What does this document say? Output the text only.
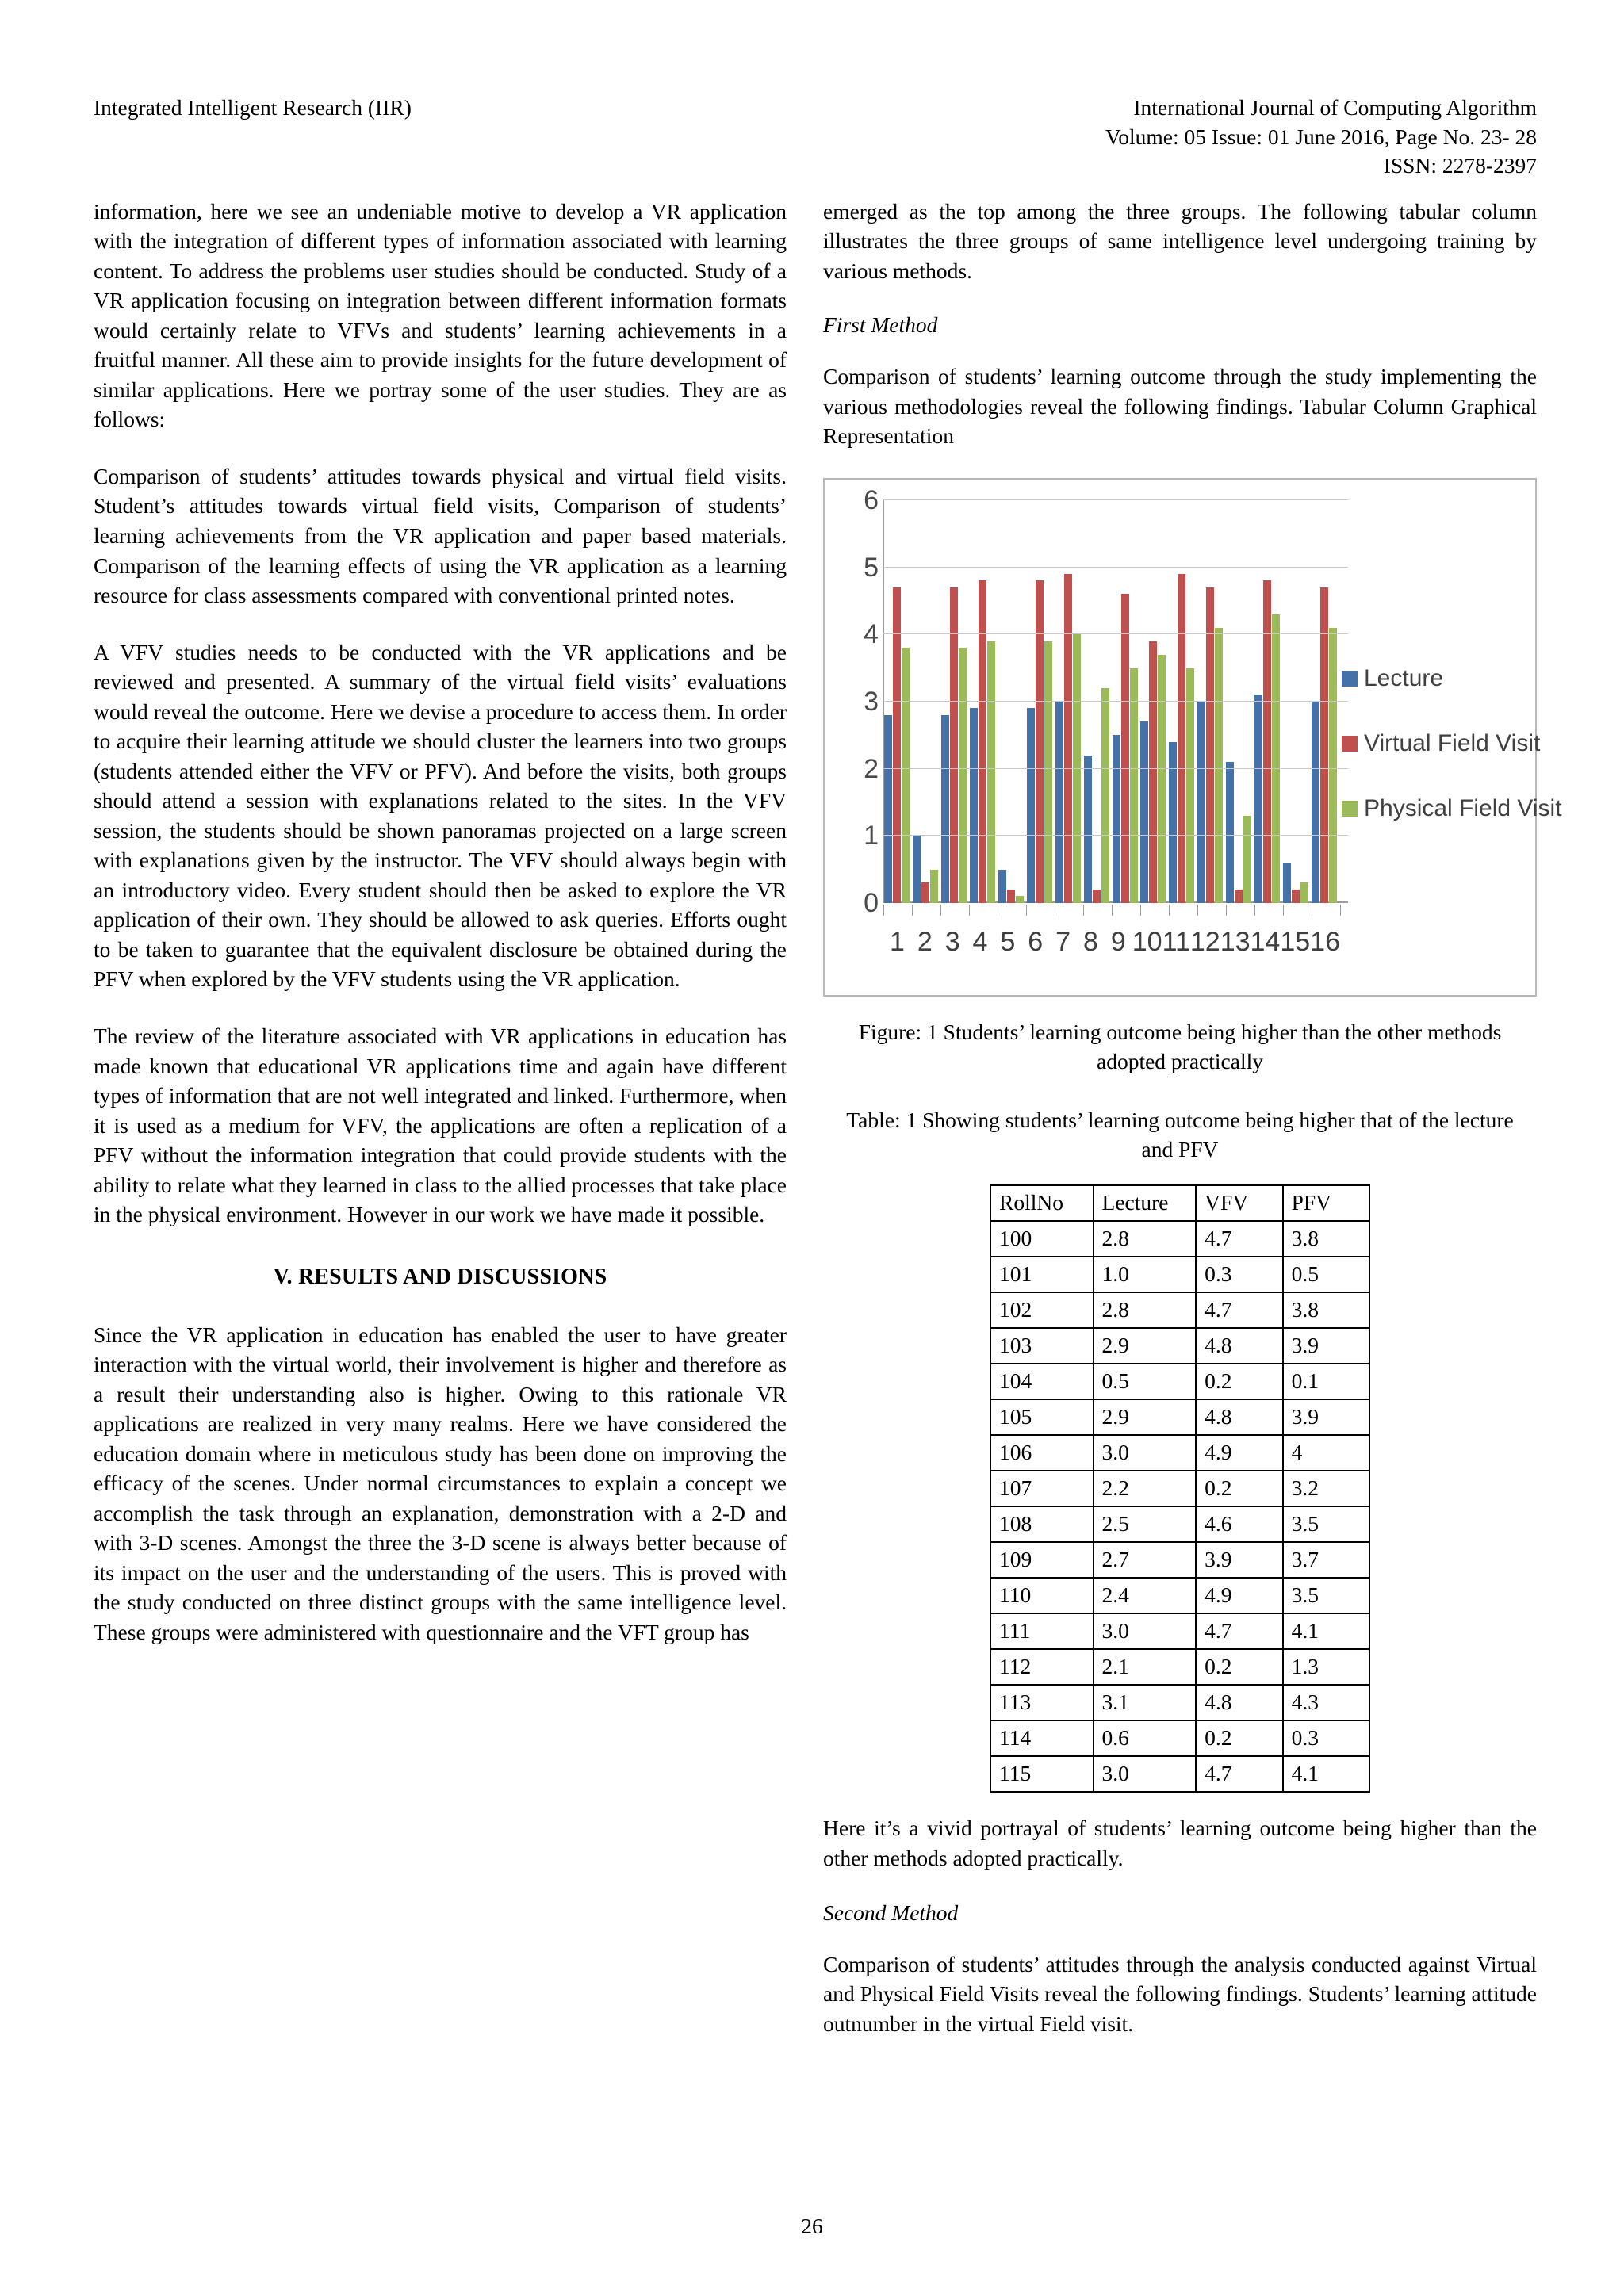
Integrated Intelligent Research (IIR)	International Journal of Computing Algorithm
Volume: 05 Issue: 01 June 2016, Page No. 23- 28
ISSN: 2278-2397

information, here we see an undeniable motive to develop a VR application with the integration of different types of information associated with learning content. To address the problems user studies should be conducted. Study of a VR application focusing on integration between different information formats would certainly relate to VFVs and students’ learning achievements in a fruitful manner. All these aim to provide insights for the future development of similar applications. Here we portray some of the user studies. They are as follows:

Comparison of students’ attitudes towards physical and virtual field visits. Student’s attitudes towards virtual field visits, Comparison of students’ learning achievements from the VR application and paper based materials. Comparison of the learning effects of using the VR application as a learning resource for class assessments compared with conventional printed notes.

A VFV studies needs to be conducted with the VR applications and be reviewed and presented. A summary of the virtual field visits’ evaluations would reveal the outcome. Here we devise a procedure to access them. In order to acquire their learning attitude we should cluster the learners into two groups (students attended either the VFV or PFV). And before the visits, both groups should attend a session with explanations related to the sites. In the VFV session, the students should be shown panoramas projected on a large screen with explanations given by the instructor. The VFV should always begin with an introductory video. Every student should then be asked to explore the VR application of their own. They should be allowed to ask queries. Efforts ought to be taken to guarantee that the equivalent disclosure be obtained during the PFV when explored by the VFV students using the VR application.

The review of the literature associated with VR applications in education has made known that educational VR applications time and again have different types of information that are not well integrated and linked. Furthermore, when it is used as a medium for VFV, the applications are often a replication of a PFV without the information integration that could provide students with the ability to relate what they learned in class to the allied processes that take place in the physical environment. However in our work we have made it possible.

V. RESULTS AND DISCUSSIONS

Since the VR application in education has enabled the user to have greater interaction with the virtual world, their involvement is higher and therefore as a result their understanding also is higher. Owing to this rationale VR applications are realized in very many realms. Here we have considered the education domain where in meticulous study has been done on improving the efficacy of the scenes. Under normal circumstances to explain a concept we accomplish the task through an explanation, demonstration with a 2-D and with 3-D scenes. Amongst the three the 3-D scene is always better because of its impact on the user and the understanding of the users. This is proved with the study conducted on three distinct groups with the same intelligence level. These groups were administered with questionnaire and the VFT group has

emerged as the top among the three groups. The following tabular column illustrates the three groups of same intelligence level undergoing training by various methods.

First Method

Comparison of students’ learning outcome through the study implementing the various methodologies reveal the following findings. Tabular Column Graphical Representation

0
1
2
3
4
5
6
1 2 3 4 5 6 7 8 9 10 11 12 13 14 15 16
Lecture
Virtual Field Visit
Physical Field Visit

Figure: 1 Students’ learning outcome being higher than the other methods adopted practically

Table: 1 Showing students’ learning outcome being higher that of the lecture and PFV

RollNo	Lecture	VFV	PFV
100	2.8	4.7	3.8
101	1.0	0.3	0.5
102	2.8	4.7	3.8
103	2.9	4.8	3.9
104	0.5	0.2	0.1
105	2.9	4.8	3.9
106	3.0	4.9	4
107	2.2	0.2	3.2
108	2.5	4.6	3.5
109	2.7	3.9	3.7
110	2.4	4.9	3.5
111	3.0	4.7	4.1
112	2.1	0.2	1.3
113	3.1	4.8	4.3
114	0.6	0.2	0.3
115	3.0	4.7	4.1

Here it’s a vivid portrayal of students’ learning outcome being higher than the other methods adopted practically.

Second Method

Comparison of students’ attitudes through the analysis conducted against Virtual and Physical Field Visits reveal the following findings. Students’ learning attitude outnumber in the virtual Field visit.

26
